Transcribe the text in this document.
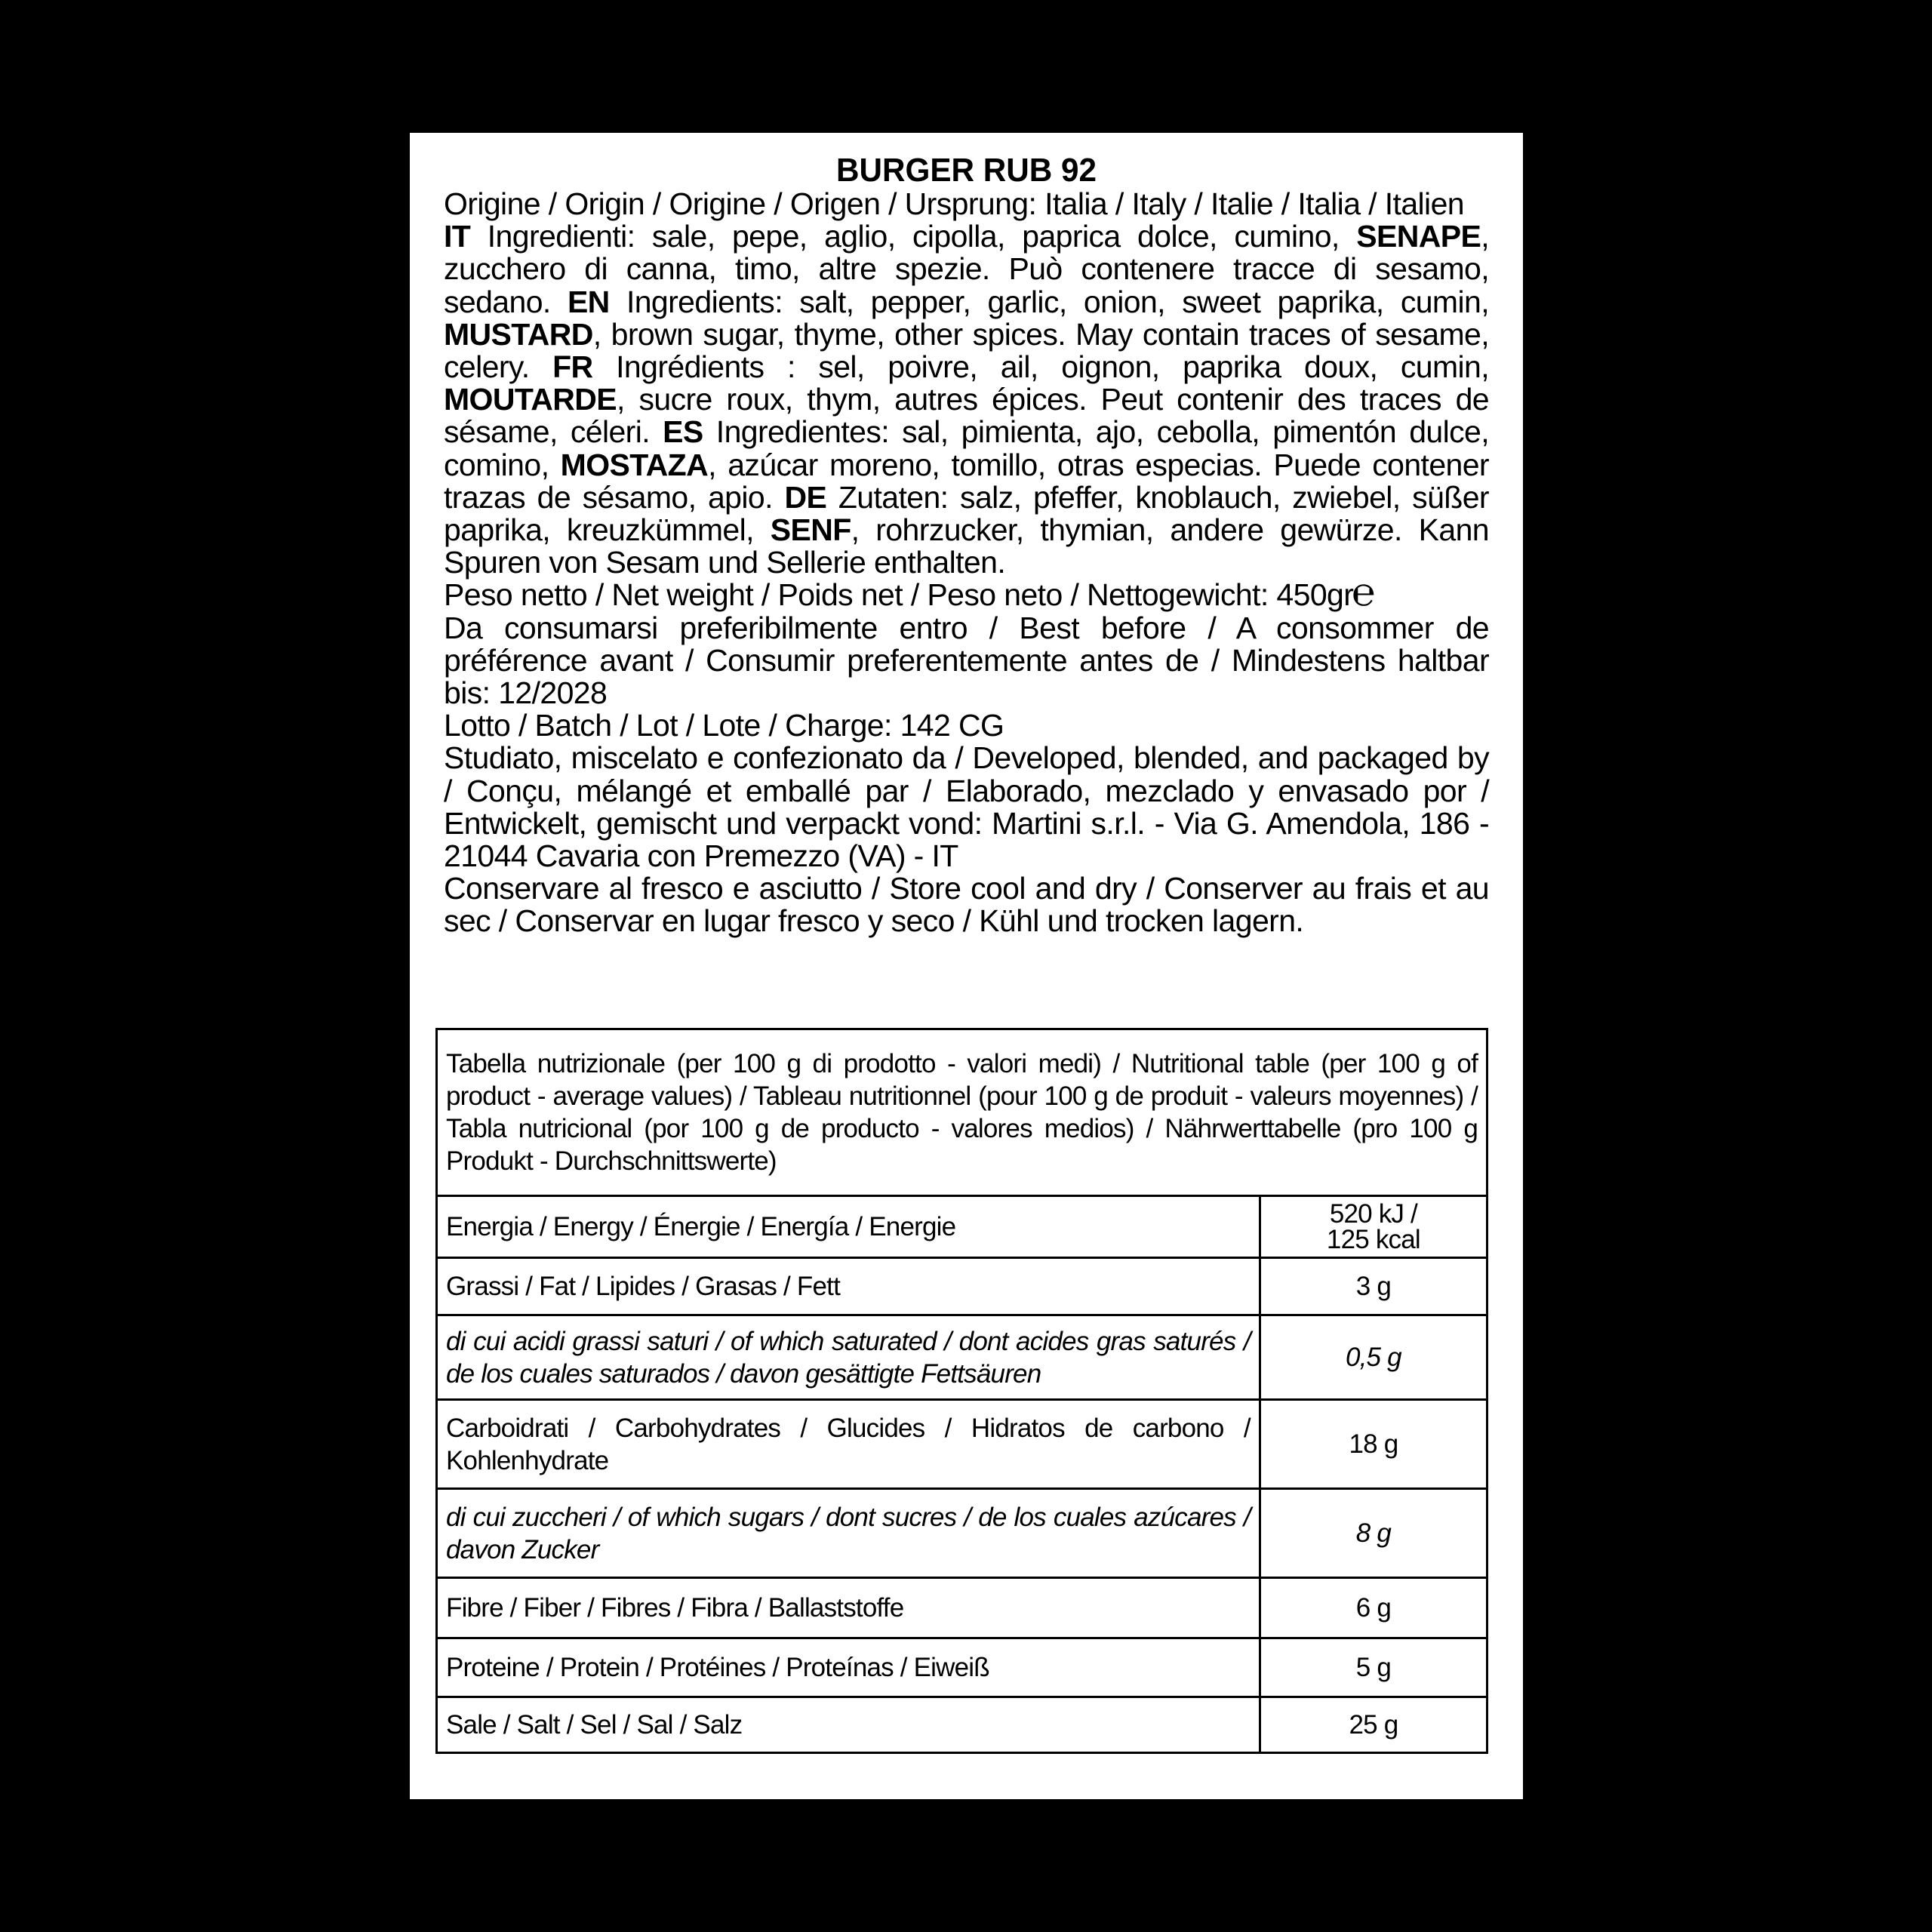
BURGER RUB 92

Origine / Origin / Origine / Origen / Ursprung: Italia / Italy / Italie / Italia / Italien

IT Ingredienti: sale, pepe, aglio, cipolla, paprica dolce, cumino, SENAPE, zucchero di canna, timo, altre spezie. Può contenere tracce di sesamo, sedano. EN Ingredients: salt, pepper, garlic, onion, sweet paprika, cumin, MUSTARD, brown sugar, thyme, other spices. May contain traces of sesame, celery. FR Ingrédients : sel, poivre, ail, oignon, paprika doux, cumin, MOUTARDE, sucre roux, thym, autres épices. Peut contenir des traces de sésame, céleri. ES Ingredientes: sal, pimienta, ajo, cebolla, pimentón dulce, comino, MOSTAZA, azúcar moreno, tomillo, otras especias. Puede contener trazas de sésamo, apio. DE Zutaten: salz, pfeffer, knoblauch, zwiebel, süßer paprika, kreuzkümmel, SENF, rohrzucker, thymian, andere gewürze. Kann Spuren von Sesam und Sellerie enthalten.

Peso netto / Net weight / Poids net / Peso neto / Nettogewicht: 450gr℮

Da consumarsi preferibilmente entro / Best before / A consommer de préférence avant / Consumir preferentemente antes de / Mindestens haltbar bis: 12/2028

Lotto / Batch / Lot / Lote / Charge: 142 CG

Studiato, miscelato e confezionato da / Developed, blended, and packaged by / Conçu, mélangé et emballé par / Elaborado, mezclado y envasado por / Entwickelt, gemischt und verpackt vond: Martini s.r.l. - Via G. Amendola, 186 - 21044 Cavaria con Premezzo (VA) - IT

Conservare al fresco e asciutto / Store cool and dry / Conserver au frais et au sec / Conservar en lugar fresco y seco / Kühl und trocken lagern.

Tabella nutrizionale (per 100 g di prodotto - valori medi) / Nutritional table (per 100 g of product - average values) / Tableau nutritionnel (pour 100 g de produit - valeurs moyennes) / Tabla nutricional (por 100 g de producto - valores medios) / Nährwerttabelle (pro 100 g Produkt - Durchschnittswerte)	
Energia / Energy / Énergie / Energía / Energie	520 kJ /
125 kcal

Grassi / Fat / Lipides / Grasas / Fett	3 g
di cui acidi grassi saturi / of which saturated / dont acides gras saturés / de los cuales saturados / davon gesättigte Fettsäuren	0,5 g
Carboidrati / Carbohydrates / Glucides / Hidratos de carbono / Kohlenhydrate	18 g
di cui zuccheri / of which sugars / dont sucres / de los cuales azúcares / davon Zucker	8 g
Fibre / Fiber / Fibres / Fibra / Ballaststoffe	6 g
Proteine / Protein / Protéines / Proteínas / Eiweiß	5 g
Sale / Salt / Sel / Sal / Salz	25 g
